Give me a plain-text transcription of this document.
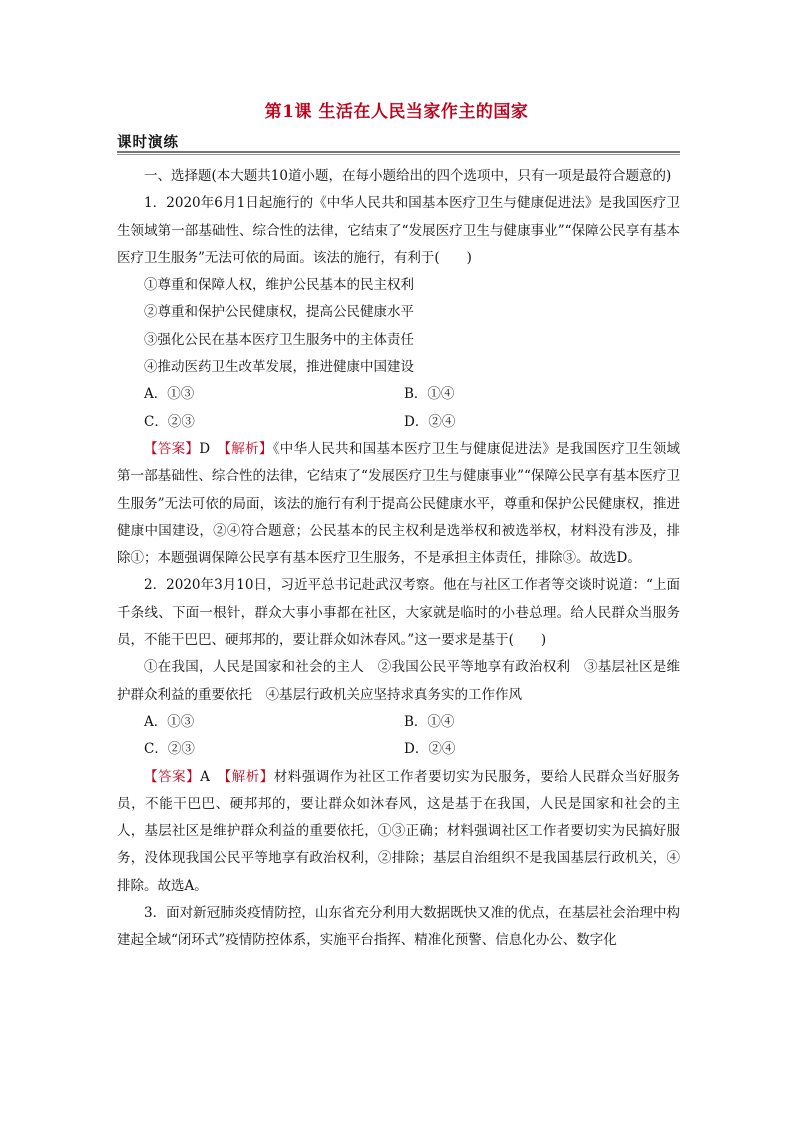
第1课 生活在人民当家作主的国家
课时演练

一、选择题(本大题共10道小题，在每小题给出的四个选项中，只有一项是最符合题意的)

1．2020年6月1日起施行的《中华人民共和国基本医疗卫生与健康促进法》是我国医疗卫生领域第一部基础性、综合性的法律，它结束了“发展医疗卫生与健康事业”“保障公民享有基本医疗卫生服务”无法可依的局面。该法的施行，有利于(　　)

①尊重和保障人权，维护公民基本的民主权利

②尊重和保护公民健康权，提高公民健康水平

③强化公民在基本医疗卫生服务中的主体责任

④推动医药卫生改革发展，推进健康中国建设

A．①③	B．①④
C．②③	D．②④

【答案】D　 【解析】《中华人民共和国基本医疗卫生与健康促进法》是我国医疗卫生领域第一部基础性、综合性的法律，它结束了“发展医疗卫生与健康事业”“保障公民享有基本医疗卫生服务”无法可依的局面，该法的施行有利于提高公民健康水平，尊重和保护公民健康权，推进健康中国建设，②④符合题意；公民基本的民主权利是选举权和被选举权，材料没有涉及，排除①；本题强调保障公民享有基本医疗卫生服务，不是承担主体责任，排除③。故选D。

2．2020年3月10日，习近平总书记赴武汉考察。他在与社区工作者等交谈时说道：“上面千条线、下面一根针，群众大事小事都在社区，大家就是临时的小巷总理。给人民群众当服务员，不能干巴巴、硬邦邦的，要让群众如沐春风。”这一要求是基于(　　)

①在我国，人民是国家和社会的主人　②我国公民平等地享有政治权利　③基层社区是维护群众利益的重要依托　④基层行政机关应坚持求真务实的工作作风

A．①③	B．①④
C．②③	D．②④

【答案】A　 【解析】材料强调作为社区工作者要切实为民服务，要给人民群众当好服务员，不能干巴巴、硬邦邦的，要让群众如沐春风，这是基于在我国，人民是国家和社会的主人，基层社区是维护群众利益的重要依托，①③正确；材料强调社区工作者要切实为民搞好服务，没体现我国公民平等地享有政治权利，②排除；基层自治组织不是我国基层行政机关，④排除。故选A。

3．面对新冠肺炎疫情防控，山东省充分利用大数据既快又准的优点，在基层社会治理中构建起全域“闭环式”疫情防控体系，实施平台指挥、精准化预警、信息化办公、数字化
